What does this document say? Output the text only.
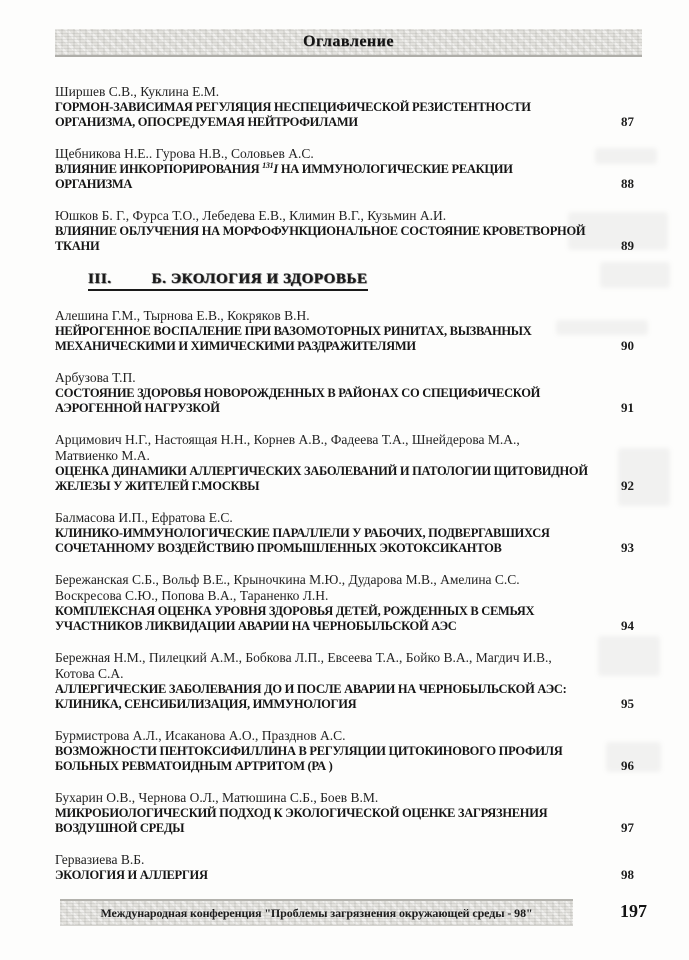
Оглавление
Ширшев С.В., Куклина Е.М.
ГОРМОН-ЗАВИСИМАЯ РЕГУЛЯЦИЯ НЕСПЕЦИФИЧЕСКОЙ РЕЗИСТЕНТНОСТИ
ОРГАНИЗМА, ОПОСРЕДУЕМАЯ НЕЙТРОФИЛАМИ	87
Щебникова Н.Е.. Гурова Н.В., Соловьев А.С.
ВЛИЯНИЕ ИНКОРПОРИРОВАНИЯ $^{131}$I НА ИММУНОЛОГИЧЕСКИЕ РЕАКЦИИ
ОРГАНИЗМА	88
Юшков Б. Г., Фурса Т.О., Лебедева Е.В., Климин В.Г., Кузьмин А.И.
ВЛИЯНИЕ ОБЛУЧЕНИЯ НА МОРФОФУНКЦИОНАЛЬНОЕ СОСТОЯНИЕ КРОВЕТВОРНОЙ
ТКАНИ	89
III.	Б. ЭКОЛОГИЯ И ЗДОРОВЬЕ
Алешина Г.М., Тырнова Е.В., Кокряков В.Н.
НЕЙРОГЕННОЕ ВОСПАЛЕНИЕ ПРИ ВАЗОМОТОРНЫХ РИНИТАХ, ВЫЗВАННЫХ
МЕХАНИЧЕСКИМИ И ХИМИЧЕСКИМИ РАЗДРАЖИТЕЛЯМИ	90
Арбузова Т.П.
СОСТОЯНИЕ ЗДОРОВЬЯ НОВОРОЖДЕННЫХ В РАЙОНАХ СО СПЕЦИФИЧЕСКОЙ
АЭРОГЕННОЙ НАГРУЗКОЙ	91
Арцимович Н.Г., Настоящая Н.Н., Корнев А.В., Фадеева Т.А., Шнейдерова М.А.,
Матвиенко М.А.
ОЦЕНКА ДИНАМИКИ АЛЛЕРГИЧЕСКИХ ЗАБОЛЕВАНИЙ И ПАТОЛОГИИ ЩИТОВИДНОЙ
ЖЕЛЕЗЫ У ЖИТЕЛЕЙ Г.МОСКВЫ	92
Балмасова И.П., Ефратова Е.С.
КЛИНИКО-ИММУНОЛОГИЧЕСКИЕ ПАРАЛЛЕЛИ У РАБОЧИХ, ПОДВЕРГАВШИХСЯ
СОЧЕТАННОМУ ВОЗДЕЙСТВИЮ ПРОМЫШЛЕННЫХ ЭКОТОКСИКАНТОВ	93
Бережанская С.Б., Вольф В.Е., Крыночкина М.Ю., Дударова М.В., Амелина С.С.
Воскресова С.Ю., Попова В.А., Тараненко Л.Н.
КОМПЛЕКСНАЯ ОЦЕНКА УРОВНЯ ЗДОРОВЬЯ ДЕТЕЙ, РОЖДЕННЫХ В СЕМЬЯХ
УЧАСТНИКОВ ЛИКВИДАЦИИ АВАРИИ НА ЧЕРНОБЫЛЬСКОЙ АЭС	94
Бережная Н.М., Пилецкий А.М., Бобкова Л.П., Евсеева Т.А., Бойко В.А., Магдич И.В.,
Котова С.А.
АЛЛЕРГИЧЕСКИЕ ЗАБОЛЕВАНИЯ ДО И ПОСЛЕ АВАРИИ НА ЧЕРНОБЫЛЬСКОЙ АЭС:
КЛИНИКА, СЕНСИБИЛИЗАЦИЯ, ИММУНОЛОГИЯ	95
Бурмистрова А.Л., Исаканова А.О., Празднов А.С.
ВОЗМОЖНОСТИ ПЕНТОКСИФИЛЛИНА В РЕГУЛЯЦИИ ЦИТОКИНОВОГО ПРОФИЛЯ
БОЛЬНЫХ РЕВМАТОИДНЫМ АРТРИТОМ (РА )	96
Бухарин О.В., Чернова О.Л., Матюшина С.Б., Боев В.М.
МИКРОБИОЛОГИЧЕСКИЙ ПОДХОД К ЭКОЛОГИЧЕСКОЙ ОЦЕНКЕ ЗАГРЯЗНЕНИЯ
ВОЗДУШНОЙ СРЕДЫ	97
Гервазиева В.Б.
ЭКОЛОГИЯ И АЛЛЕРГИЯ	98
Международная конференция "Проблемы загрязнения окружающей среды - 98"	197
